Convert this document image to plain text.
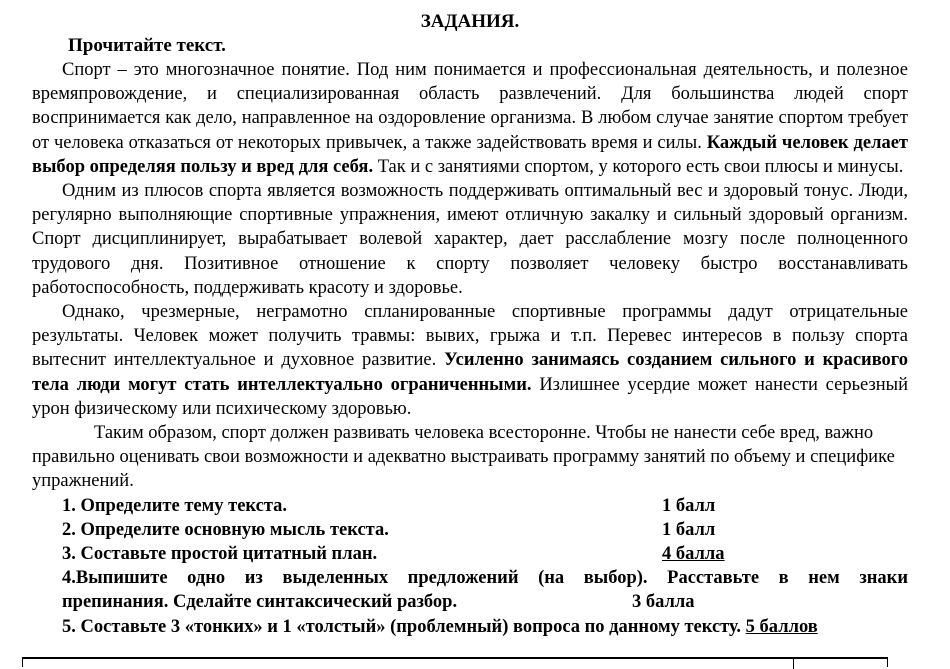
ЗАДАНИЯ.
Прочитайте текст.

Спорт – это многозначное понятие. Под ним понимается и профессиональная деятельность, и полезное времяпровождение, и специализированная область развлечений. Для большинства людей спорт воспринимается как дело, направленное на оздоровление организма. В любом случае занятие спортом требует от человека отказаться от некоторых привычек, а также задействовать время и силы. Каждый человек делает выбор определяя пользу и вред для себя. Так и с занятиями спортом, у которого есть свои плюсы и минусы.

Одним из плюсов спорта является возможность поддерживать оптимальный вес и здоровый тонус. Люди, регулярно выполняющие спортивные упражнения, имеют отличную закалку и сильный здоровый организм. Спорт дисциплинирует, вырабатывает волевой характер, дает расслабление мозгу после полноценного трудового дня. Позитивное отношение к спорту позволяет человеку быстро восстанавливать работоспособность, поддерживать красоту и здоровье.

Однако, чрезмерные, неграмотно спланированные спортивные программы дадут отрицательные результаты. Человек может получить травмы: вывих, грыжа и т.п. Перевес интересов в пользу спорта вытеснит интеллектуальное и духовное развитие. Усиленно занимаясь созданием сильного и красивого тела люди могут стать интеллектуально ограниченными. Излишнее усердие может нанести серьезный урон физическому или психическому здоровью.

Таким образом, спорт должен развивать человека всесторонне. Чтобы не нанести себе вред, важно правильно оценивать свои возможности и адекватно выстраивать программу занятий по объему и специфике упражнений.

1. Определите тему текста.	1 балл
2. Определите основную мысль текста.	1 балл
3. Составьте простой цитатный план.	4 балла
4.Выпишите одно из выделенных предложений (на выбор). Расставьте в нем знаки
препинания. Сделайте синтаксический разбор.	3 балла
5. Составьте 3 «тонких» и 1 «толстый» (проблемный) вопроса по данному тексту. 5 баллов
